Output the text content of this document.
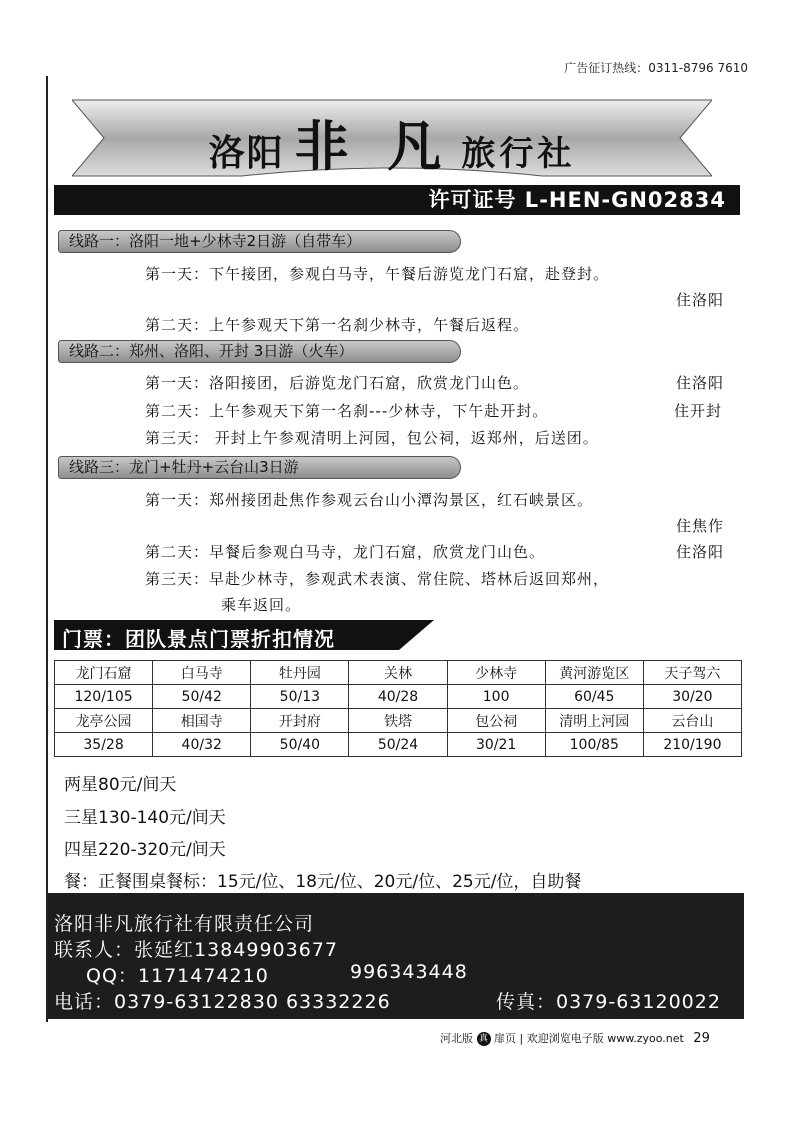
广告征订热线：0311-8796 7610
洛阳 非 凡 旅行社
许可证号 L-HEN-GN02834
线路一：洛阳一地+少林寺2日游（自带车）
第一天：下午接团，参观白马寺，午餐后游览龙门石窟，赴登封。
住洛阳
第二天：上午参观天下第一名刹少林寺，午餐后返程。
线路二：郑州、洛阳、开封 3日游（火车）
第一天：洛阳接团，后游览龙门石窟，欣赏龙门山色。	住洛阳
第二天：上午参观天下第一名刹---少林寺，下午赴开封。	住开封
第三天： 开封上午参观清明上河园，包公祠，返郑州，后送团。
线路三：龙门+牡丹+云台山3日游
第一天：郑州接团赴焦作参观云台山小潭沟景区，红石峡景区。
住焦作
第二天：早餐后参观白马寺，龙门石窟，欣赏龙门山色。	住洛阳
第三天：早赴少林寺，参观武术表演、常住院、塔林后返回郑州，
乘车返回。
门票：团队景点门票折扣情况
龙门石窟	白马寺	牡丹园	关林	少林寺	黄河游览区	天子驾六
120/105	50/42	50/13	40/28	100	60/45	30/20
龙亭公园	相国寺	开封府	铁塔	包公祠	清明上河园	云台山
35/28	40/32	50/40	50/24	30/21	100/85	210/190
两星80元/间天
三星130-140元/间天
四星220-320元/间天
餐：正餐围桌餐标：15元/位、18元/位、20元/位、25元/位，自助餐
洛阳非凡旅行社有限责任公司
联系人：张延红13849903677
QQ：1171474210	996343448
电话：0379-63122830 63332226	传真：0379-63120022
河北版 真 扉页 | 欢迎浏览电子版 www.zyoo.net 29
